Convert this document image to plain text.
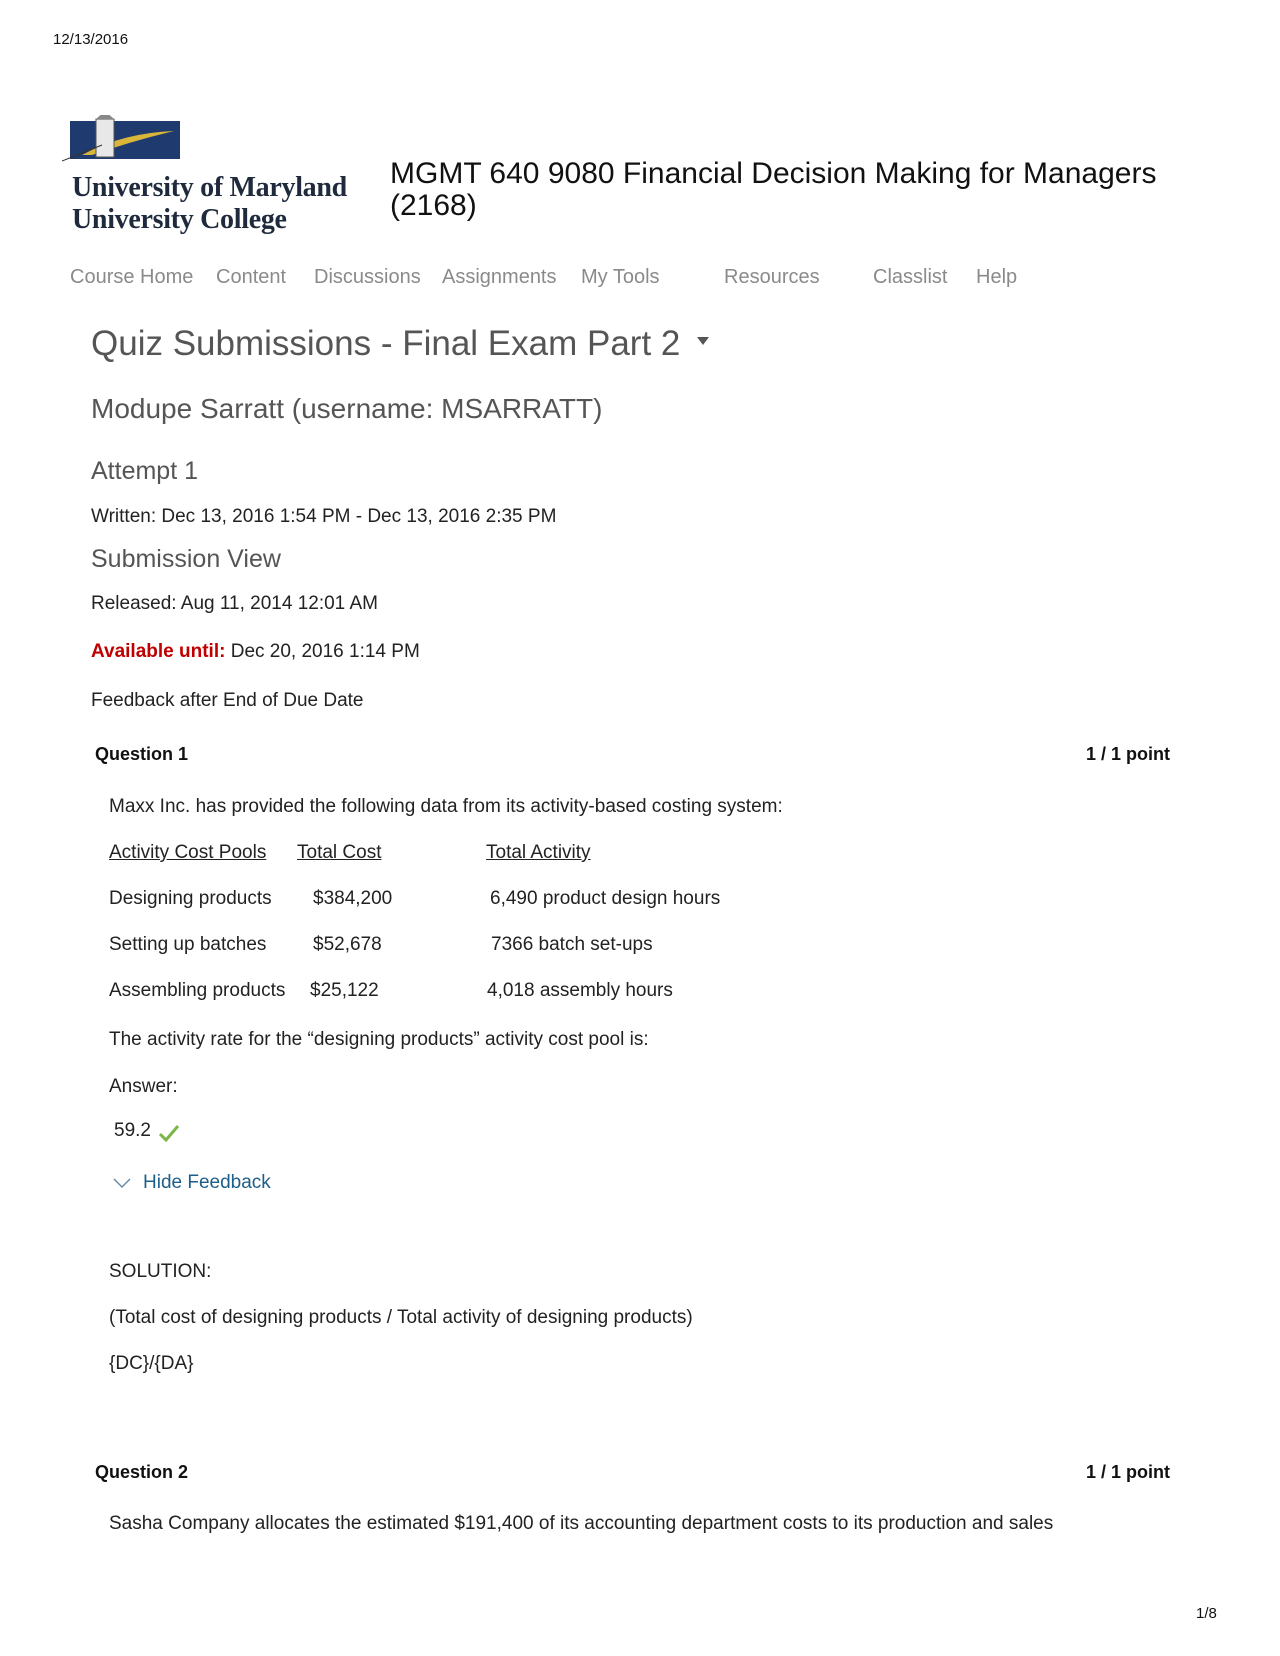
12/13/2016
University of Maryland
University College
MGMT 640 9080 Financial Decision Making for Managers (2168)
Course Home Content Discussions Assignments My Tools	Resources	Classlist Help
Quiz Submissions - Final Exam Part 2
Modupe Sarratt (username: MSARRATT)
Attempt 1
Written: Dec 13, 2016 1:54 PM - Dec 13, 2016 2:35 PM
Submission View
Released: Aug 11, 2014 12:01 AM
Available until: Dec 20, 2016 1:14 PM
Feedback after End of Due Date
Question 1	1 / 1 point
Maxx Inc. has provided the following data from its activity-based costing system:
Activity Cost Pools Total Cost	Total Activity
Designing products $384,200	6,490 product design hours
Setting up batches $52,678	7366 batch set-ups
Assembling products $25,122	4,018 assembly hours
The activity rate for the “designing products” activity cost pool is:
Answer:
59.2
Hide Feedback
SOLUTION:
(Total cost of designing products / Total activity of designing products)
{DC}/{DA}
Question 2	1 / 1 point
Sasha Company allocates the estimated $191,400 of its accounting department costs to its production and sales
1/8
